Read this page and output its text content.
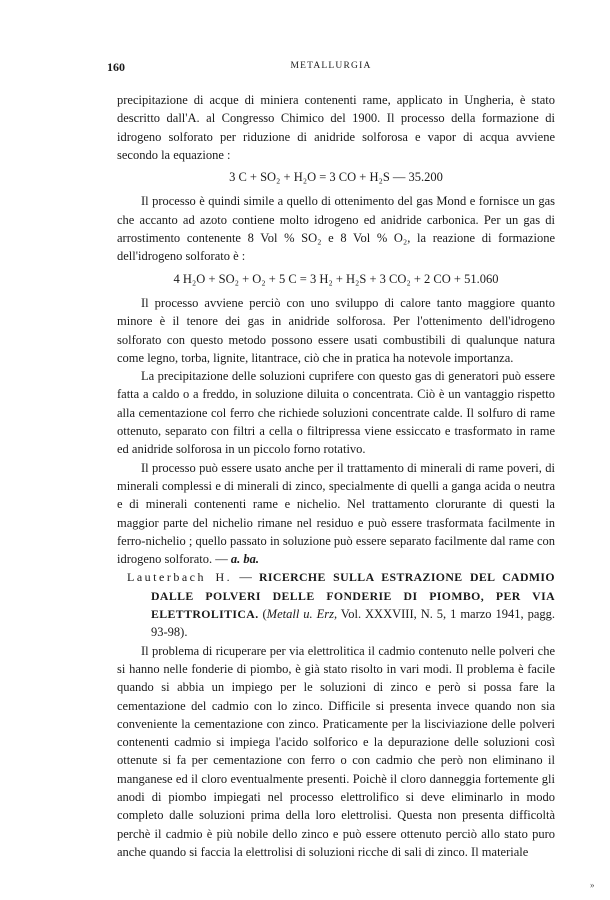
160	METALLURGIA

precipitazione di acque di miniera contenenti rame, applicato in Ungheria, è stato descritto dall'A. al Congresso Chimico del 1900. Il processo della formazione di idrogeno solforato per riduzione di anidride solforosa e vapor di acqua avviene secondo la equazione :

3 C + SO₂ + H₂O = 3 CO + H₂S — 35.200

Il processo è quindi simile a quello di ottenimento del gas Mond e fornisce un gas che accanto ad azoto contiene molto idrogeno ed anidride carbonica. Per un gas di arrostimento contenente 8 Vol % SO₂ e 8 Vol % O₂, la reazione di formazione dell'idrogeno solforato è :

4 H₂O + SO₂ + O₂ + 5 C = 3 H₂ + H₂S + 3 CO₂ + 2 CO + 51.060

Il processo avviene perciò con uno sviluppo di calore tanto maggiore quanto minore è il tenore dei gas in anidride solforosa. Per l'ottenimento dell'idrogeno solforato con questo metodo possono essere usati combustibili di qualunque natura come legno, torba, lignite, litantrace, ciò che in pratica ha notevole importanza.

La precipitazione delle soluzioni cuprifere con questo gas di generatori può essere fatta a caldo o a freddo, in soluzione diluita o concentrata. Ciò è un vantaggio rispetto alla cementazione col ferro che richiede soluzioni concentrate calde. Il solfuro di rame ottenuto, separato con filtri a cella o filtripressa viene essiccato e trasformato in rame ed anidride solforosa in un piccolo forno rotativo.

Il processo può essere usato anche per il trattamento di minerali di rame poveri, di minerali complessi e di minerali di zinco, specialmente di quelli a ganga acida o neutra e di minerali contenenti rame e nichelio. Nel trattamento clorurante di questi la maggior parte del nichelio rimane nel residuo e può essere trasformata facilmente in ferro-nichelio ; quello passato in soluzione può essere separato facilmente dal rame con idrogeno solforato. — a. ba.

Lauterbach H. — RICERCHE SULLA ESTRAZIONE DEL CADMIO DALLE POLVERI DELLE FONDERIE DI PIOMBO, PER VIA ELETTROLITICA. (Metall u. Erz, Vol. XXXVIII, N. 5, 1 marzo 1941, pagg. 93-98).

Il problema di ricuperare per via elettrolitica il cadmio contenuto nelle polveri che si hanno nelle fonderie di piombo, è già stato risolto in vari modi. Il problema è facile quando si abbia un impiego per le soluzioni di zinco e però si possa fare la cementazione del cadmio con lo zinco. Difficile si presenta invece quando non sia conveniente la cementazione con zinco. Praticamente per la lisciviazione delle polveri contenenti cadmio si impiega l'acido solforico e la depurazione delle soluzioni così ottenute si fa per cementazione con ferro o con cadmio che però non eliminano il manganese ed il cloro eventualmente presenti. Poichè il cloro danneggia fortemente gli anodi di piombo impiegati nel processo elettrolifico si deve eliminarlo in modo completo dalle soluzioni prima della loro elettrolisi. Questa non presenta difficoltà perchè il cadmio è più nobile dello zinco e può essere ottenuto perciò allo stato puro anche quando si faccia la elettrolisi di soluzioni ricche di sali di zinco. Il materiale

»
